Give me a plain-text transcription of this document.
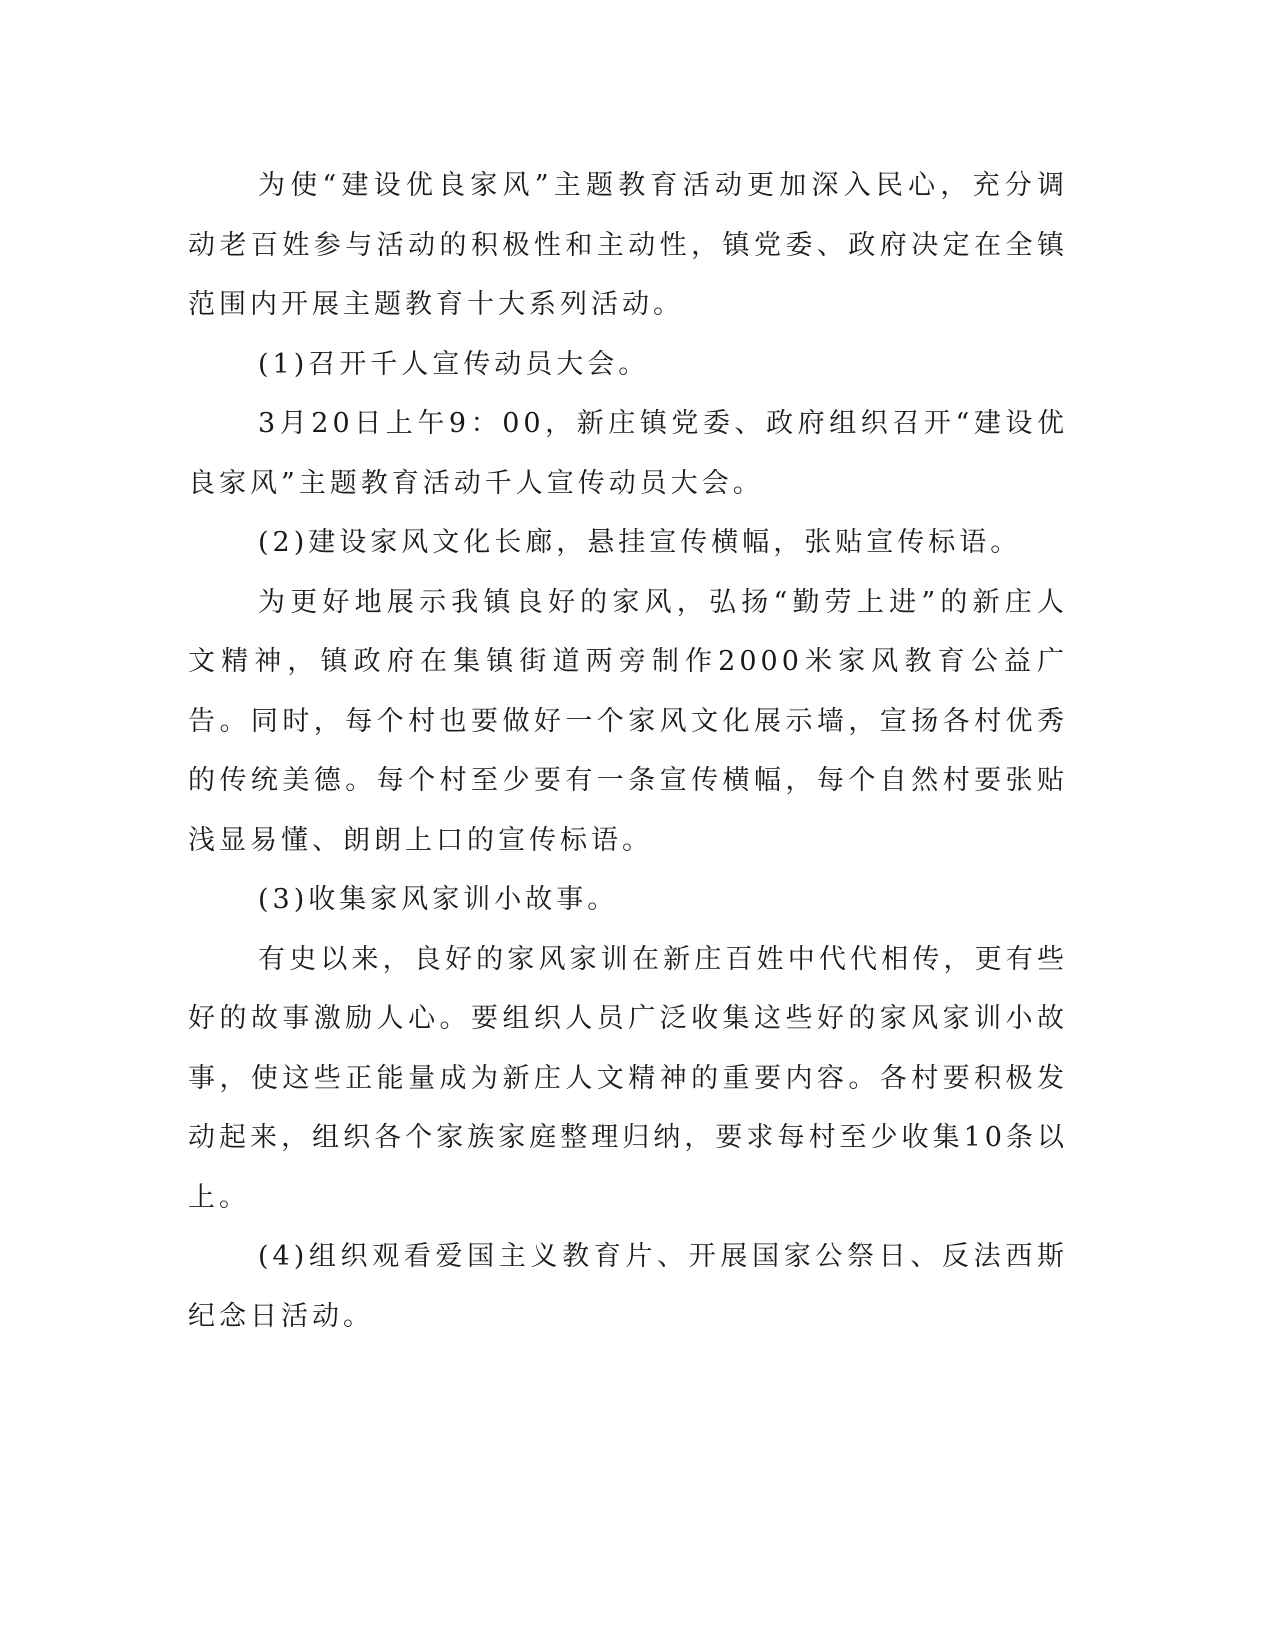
为使“建设优良家风”主题教育活动更加深入民心，充分调动老百姓参与活动的积极性和主动性，镇党委、政府决定在全镇范围内开展主题教育十大系列活动。

(1)召开千人宣传动员大会。

3月20日上午9：00，新庄镇党委、政府组织召开“建设优良家风”主题教育活动千人宣传动员大会。

(2)建设家风文化长廊，悬挂宣传横幅，张贴宣传标语。

为更好地展示我镇良好的家风，弘扬“勤劳上进”的新庄人文精神，镇政府在集镇街道两旁制作2000米家风教育公益广告。同时，每个村也要做好一个家风文化展示墙，宣扬各村优秀的传统美德。每个村至少要有一条宣传横幅，每个自然村要张贴浅显易懂、朗朗上口的宣传标语。

(3)收集家风家训小故事。

有史以来，良好的家风家训在新庄百姓中代代相传，更有些好的故事激励人心。要组织人员广泛收集这些好的家风家训小故事，使这些正能量成为新庄人文精神的重要内容。各村要积极发动起来，组织各个家族家庭整理归纳，要求每村至少收集10条以上。

(4)组织观看爱国主义教育片、开展国家公祭日、反法西斯纪念日活动。
